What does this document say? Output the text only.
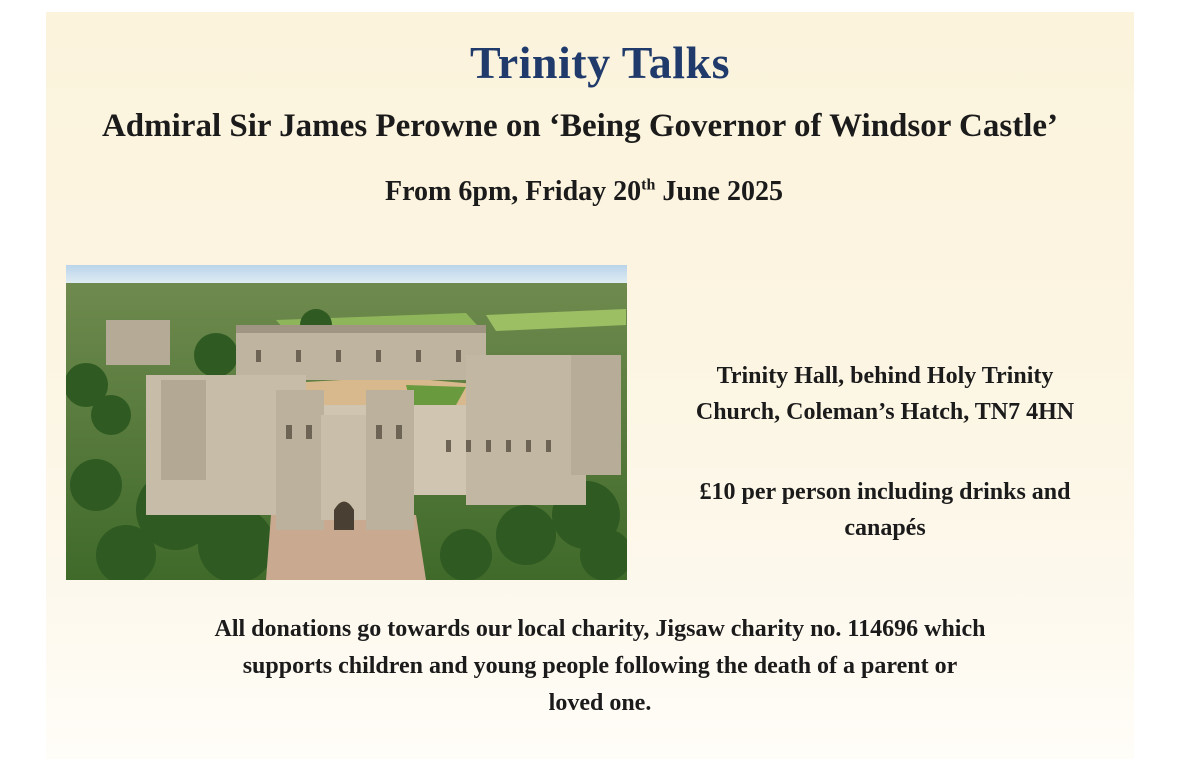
Trinity Talks
Admiral Sir James Perowne on ‘Being Governor of Windsor Castle’
From 6pm, Friday 20th June 2025
Trinity Hall, behind Holy Trinity
Church, Coleman’s Hatch, TN7 4HN
£10 per person including drinks and
canapés
All donations go towards our local charity, Jigsaw charity no. 114696 which
supports children and young people following the death of a parent or
loved one.
